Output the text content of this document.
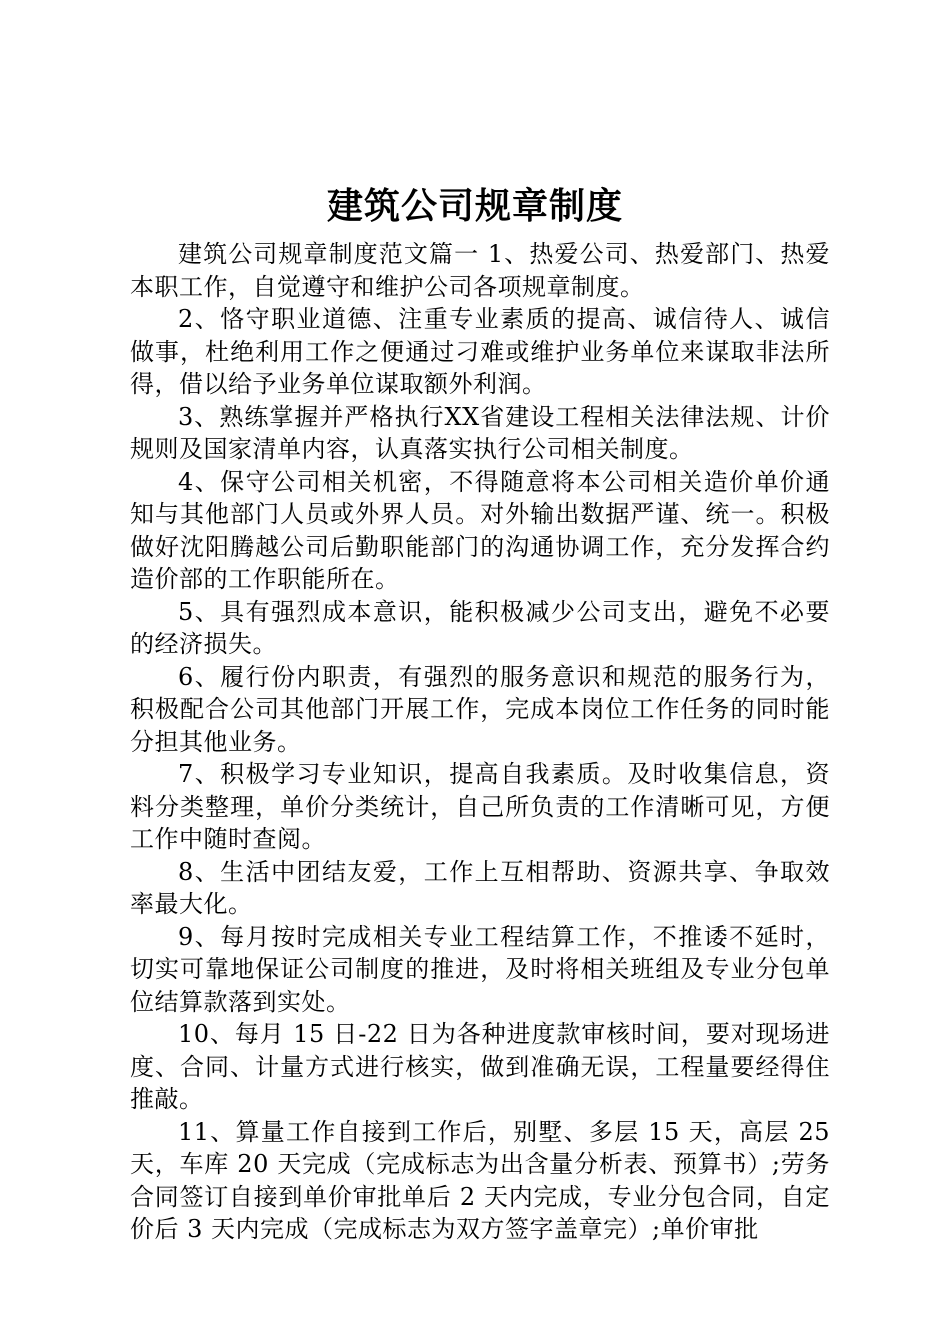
建筑公司规章制度

建筑公司规章制度范文篇一 1、热爱公司、热爱部门、热爱本职工作，自觉遵守和维护公司各项规章制度。

2、恪守职业道德、注重专业素质的提高、诚信待人、诚信做事，杜绝利用工作之便通过刁难或维护业务单位来谋取非法所得，借以给予业务单位谋取额外利润。

3、熟练掌握并严格执行XX省建设工程相关法律法规、计价规则及国家清单内容，认真落实执行公司相关制度。

4、保守公司相关机密，不得随意将本公司相关造价单价通知与其他部门人员或外界人员。对外输出数据严谨、统一。积极做好沈阳腾越公司后勤职能部门的沟通协调工作，充分发挥合约造价部的工作职能所在。

5、具有强烈成本意识，能积极减少公司支出，避免不必要的经济损失。

6、履行份内职责，有强烈的服务意识和规范的服务行为，积极配合公司其他部门开展工作，完成本岗位工作任务的同时能分担其他业务。

7、积极学习专业知识，提高自我素质。及时收集信息，资料分类整理，单价分类统计，自己所负责的工作清晰可见，方便工作中随时查阅。

8、生活中团结友爱，工作上互相帮助、资源共享、争取效率最大化。

9、每月按时完成相关专业工程结算工作，不推诿不延时，切实可靠地保证公司制度的推进，及时将相关班组及专业分包单位结算款落到实处。

10、每月 15 日-22 日为各种进度款审核时间，要对现场进度、合同、计量方式进行核实，做到准确无误，工程量要经得住推敲。

11、算量工作自接到工作后，别墅、多层 15 天，高层 25 天，车库 20 天完成（完成标志为出含量分析表、预算书）;劳务合同签订自接到单价审批单后 2 天内完成，专业分包合同，自定价后 3 天内完成（完成标志为双方签字盖章完）;单价审批
